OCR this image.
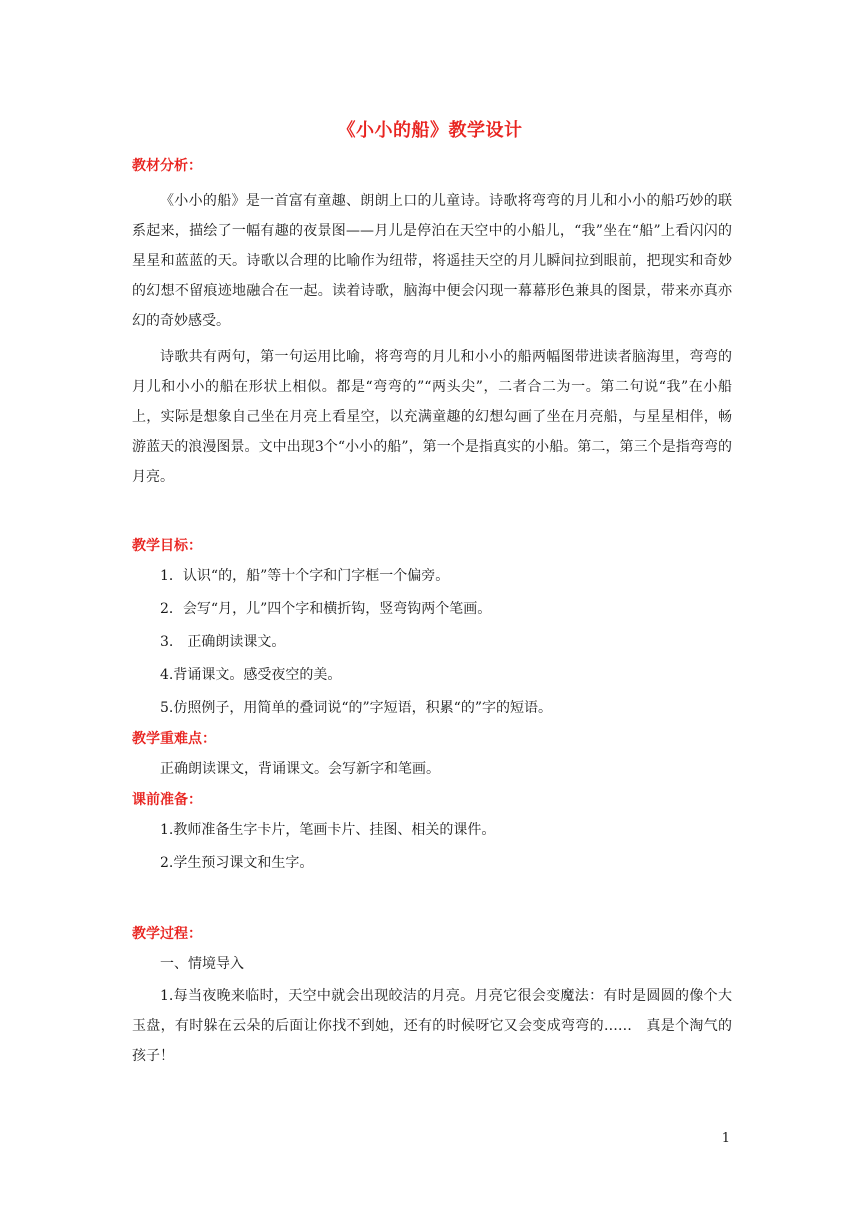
《小小的船》教学设计
教材分析：

《小小的船》是一首富有童趣、朗朗上口的儿童诗。诗歌将弯弯的月儿和小小的船巧妙的联系起来，描绘了一幅有趣的夜景图——月儿是停泊在天空中的小船儿，“我”坐在“船”上看闪闪的星星和蓝蓝的天。诗歌以合理的比喻作为纽带，将遥挂天空的月儿瞬间拉到眼前，把现实和奇妙的幻想不留痕迹地融合在一起。读着诗歌，脑海中便会闪现一幕幕形色兼具的图景，带来亦真亦幻的奇妙感受。

诗歌共有两句，第一句运用比喻，将弯弯的月儿和小小的船两幅图带进读者脑海里，弯弯的月儿和小小的船在形状上相似。都是“弯弯的”“两头尖”，二者合二为一。第二句说“我”在小船上，实际是想象自己坐在月亮上看星空，以充满童趣的幻想勾画了坐在月亮船，与星星相伴，畅游蓝天的浪漫图景。文中出现3个“小小的船”，第一个是指真实的小船。第二，第三个是指弯弯的月亮。

教学目标：

1．认识“的，船”等十个字和门字框一个偏旁。

2．会写“月，儿”四个字和横折钩，竖弯钩两个笔画。

3.　正确朗读课文。

4.背诵课文。感受夜空的美。

5.仿照例子，用简单的叠词说“的”字短语，积累“的”字的短语。

教学重难点：

正确朗读课文，背诵课文。会写新字和笔画。

课前准备：

1.教师准备生字卡片，笔画卡片、挂图、相关的课件。

2.学生预习课文和生字。

教学过程：

一、情境导入

1.每当夜晚来临时，天空中就会出现皎洁的月亮。月亮它很会变魔法：有时是圆圆的像个大玉盘，有时躲在云朵的后面让你找不到她，还有的时候呀它又会变成弯弯的……　真是个淘气的孩子！

1
